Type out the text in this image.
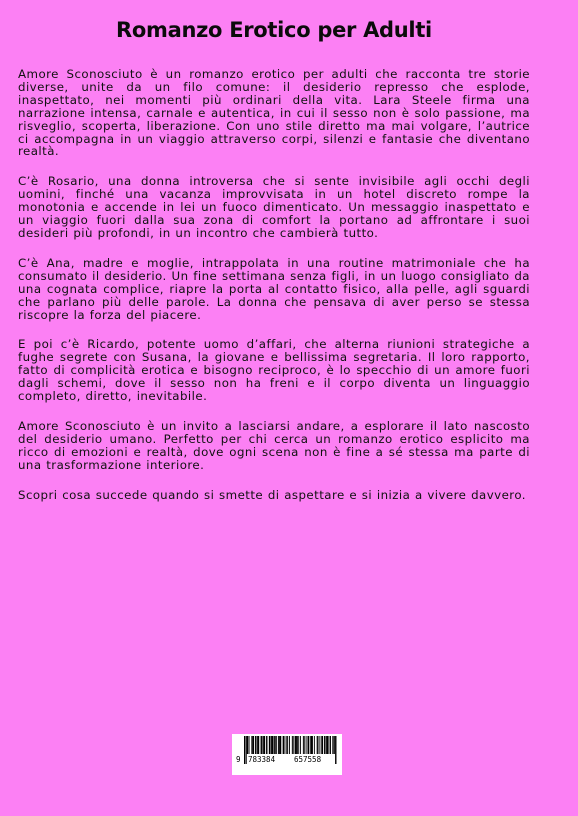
Romanzo Erotico per Adulti

Amore Sconosciuto è un romanzo erotico per adulti che racconta tre storie diverse, unite da un filo comune: il desiderio represso che esplode, inaspettato, nei momenti più ordinari della vita. Lara Steele firma una narrazione intensa, carnale e autentica, in cui il sesso non è solo passione, ma risveglio, scoperta, liberazione. Con uno stile diretto ma mai volgare, l’autrice ci accompagna in un viaggio attraverso corpi, silenzi e fantasie che diventano realtà.

C’è Rosario, una donna introversa che si sente invisibile agli occhi degli uomini, finché una vacanza improvvisata in un hotel discreto rompe la monotonia e accende in lei un fuoco dimenticato. Un messaggio inaspettato e un viaggio fuori dalla sua zona di comfort la portano ad affrontare i suoi desideri più profondi, in un incontro che cambierà tutto.

C’è Ana, madre e moglie, intrappolata in una routine matrimoniale che ha consumato il desiderio. Un fine settimana senza figli, in un luogo consigliato da una cognata complice, riapre la porta al contatto fisico, alla pelle, agli sguardi che parlano più delle parole. La donna che pensava di aver perso se stessa riscopre la forza del piacere.

E poi c’è Ricardo, potente uomo d’affari, che alterna riunioni strategiche a fughe segrete con Susana, la giovane e bellissima segretaria. Il loro rapporto, fatto di complicità erotica e bisogno reciproco, è lo specchio di un amore fuori dagli schemi, dove il sesso non ha freni e il corpo diventa un linguaggio completo, diretto, inevitabile.

Amore Sconosciuto è un invito a lasciarsi andare, a esplorare il lato nascosto del desiderio umano. Perfetto per chi cerca un romanzo erotico esplicito ma ricco di emozioni e realtà, dove ogni scena non è fine a sé stessa ma parte di una trasformazione interiore.

Scopri cosa succede quando si smette di aspettare e si inizia a vivere davvero.

9 783384	657558
